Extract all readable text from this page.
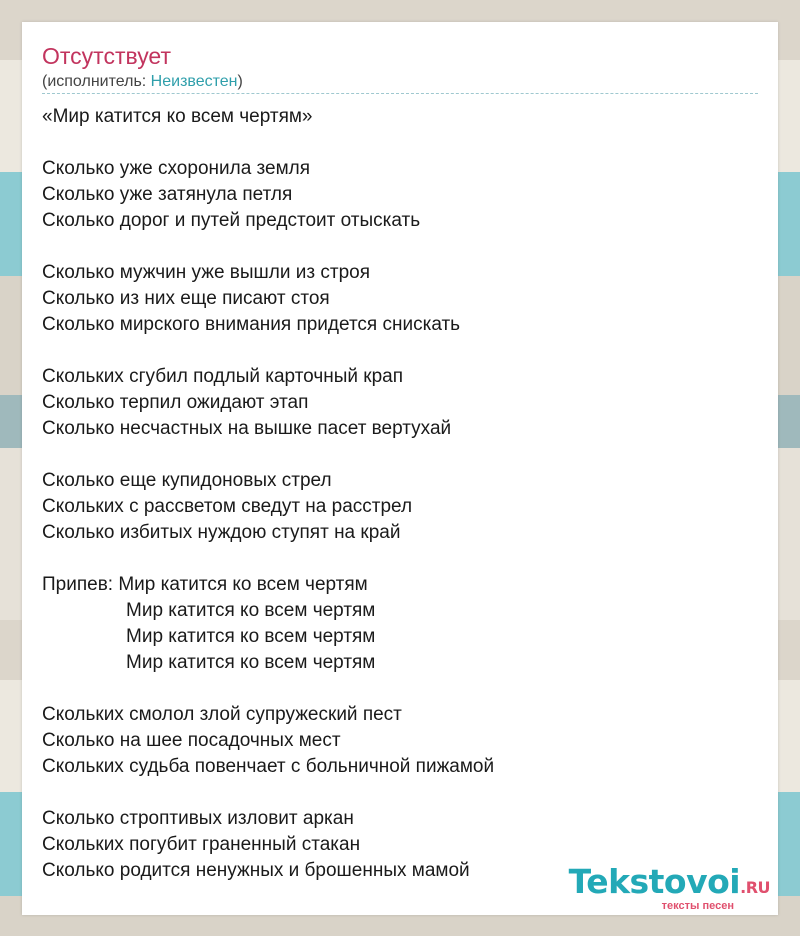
Отсутствует
(исполнитель: Неизвестен)
«Мир катится ко всем чертям»
Сколько уже схоронила земля
Сколько уже затянула петля
Сколько дорог и путей предстоит отыскать
Сколько мужчин уже вышли из строя
Сколько из них еще писают стоя
Сколько мирского внимания придется снискать
Скольких сгубил подлый карточный крап
Сколько терпил ожидают этап
Сколько несчастных на вышке пасет вертухай
Сколько еще купидоновых стрел
Скольких с рассветом сведут на расстрел
Сколько избитых нуждою ступят на край
Припев: Мир катится ко всем чертям
Мир катится ко всем чертям
Мир катится ко всем чертям
Мир катится ко всем чертям
Скольких смолол злой супружеский пест
Сколько на шее посадочных мест
Скольких судьба повенчает с больничной пижамой
Сколько строптивых изловит аркан
Скольких погубит граненный стакан
Сколько родится ненужных и брошенных мамой	Tekstovoi.RU
тексты песен
